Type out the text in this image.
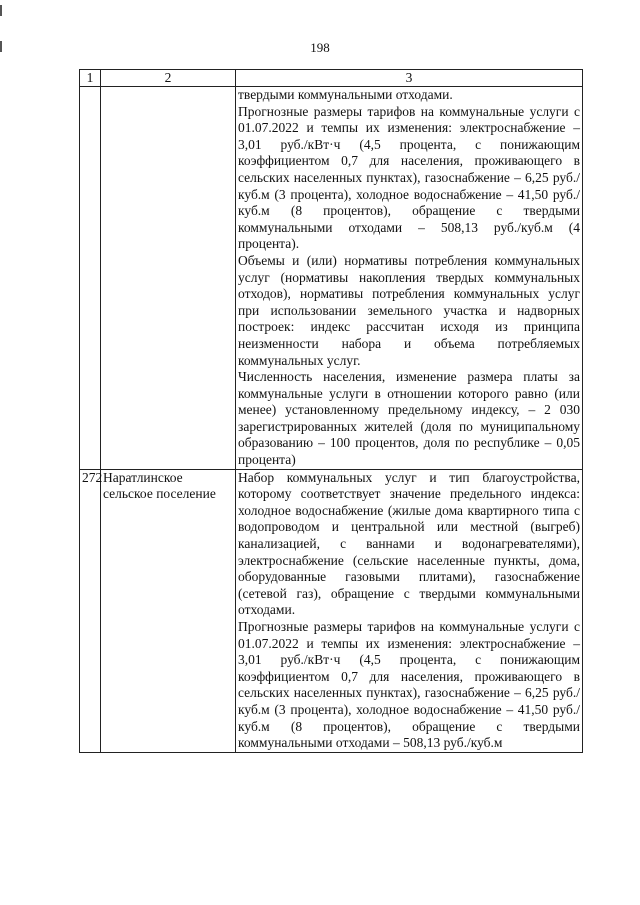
198
1	2	3

		твердыми коммунальными отходами.
Прогнозные размеры тарифов на коммунальные услуги с 01.07.2022 и темпы их изменения: электроснабжение – 3,01 руб./кВт·ч (4,5 процента, с понижающим коэффициентом 0,7 для населения, проживающего в сельских населенных пунктах), газоснабжение – 6,25 руб./куб.м (3 процента), холодное водоснабжение – 41,50 руб./куб.м (8 процентов), обращение с твердыми коммунальными отходами – 508,13 руб./куб.м (4 процента).
Объемы и (или) нормативы потребления коммунальных услуг (нормативы накопления твердых коммунальных отходов), нормативы потребления коммунальных услуг при использовании земельного участка и надворных построек: индекс рассчитан исходя из принципа неизменности набора и объема потребляемых коммунальных услуг.
Численность населения, изменение размера платы за коммунальные услуги в отношении которого равно (или менее) установленному предельному индексу, – 2 030 зарегистрированных жителей (доля по муниципальному образованию – 100 процентов, доля по республике – 0,05 процента)

272	Наратлинское сельское поселение	Набор коммунальных услуг и тип благоустройства, которому соответствует значение предельного индекса: холодное водоснабжение (жилые дома квартирного типа с водопроводом и центральной или местной (выгреб) канализацией, с ваннами и водонагревателями), электроснабжение (сельские населенные пункты, дома, оборудованные газовыми плитами), газоснабжение (сетевой газ), обращение с твердыми коммунальными отходами.
Прогнозные размеры тарифов на коммунальные услуги с 01.07.2022 и темпы их изменения: электроснабжение – 3,01 руб./кВт·ч (4,5 процента, с понижающим коэффициентом 0,7 для населения, проживающего в сельских населенных пунктах), газоснабжение – 6,25 руб./куб.м (3 процента), холодное водоснабжение – 41,50 руб./куб.м (8 процентов), обращение с твердыми коммунальными отходами – 508,13 руб./куб.м
